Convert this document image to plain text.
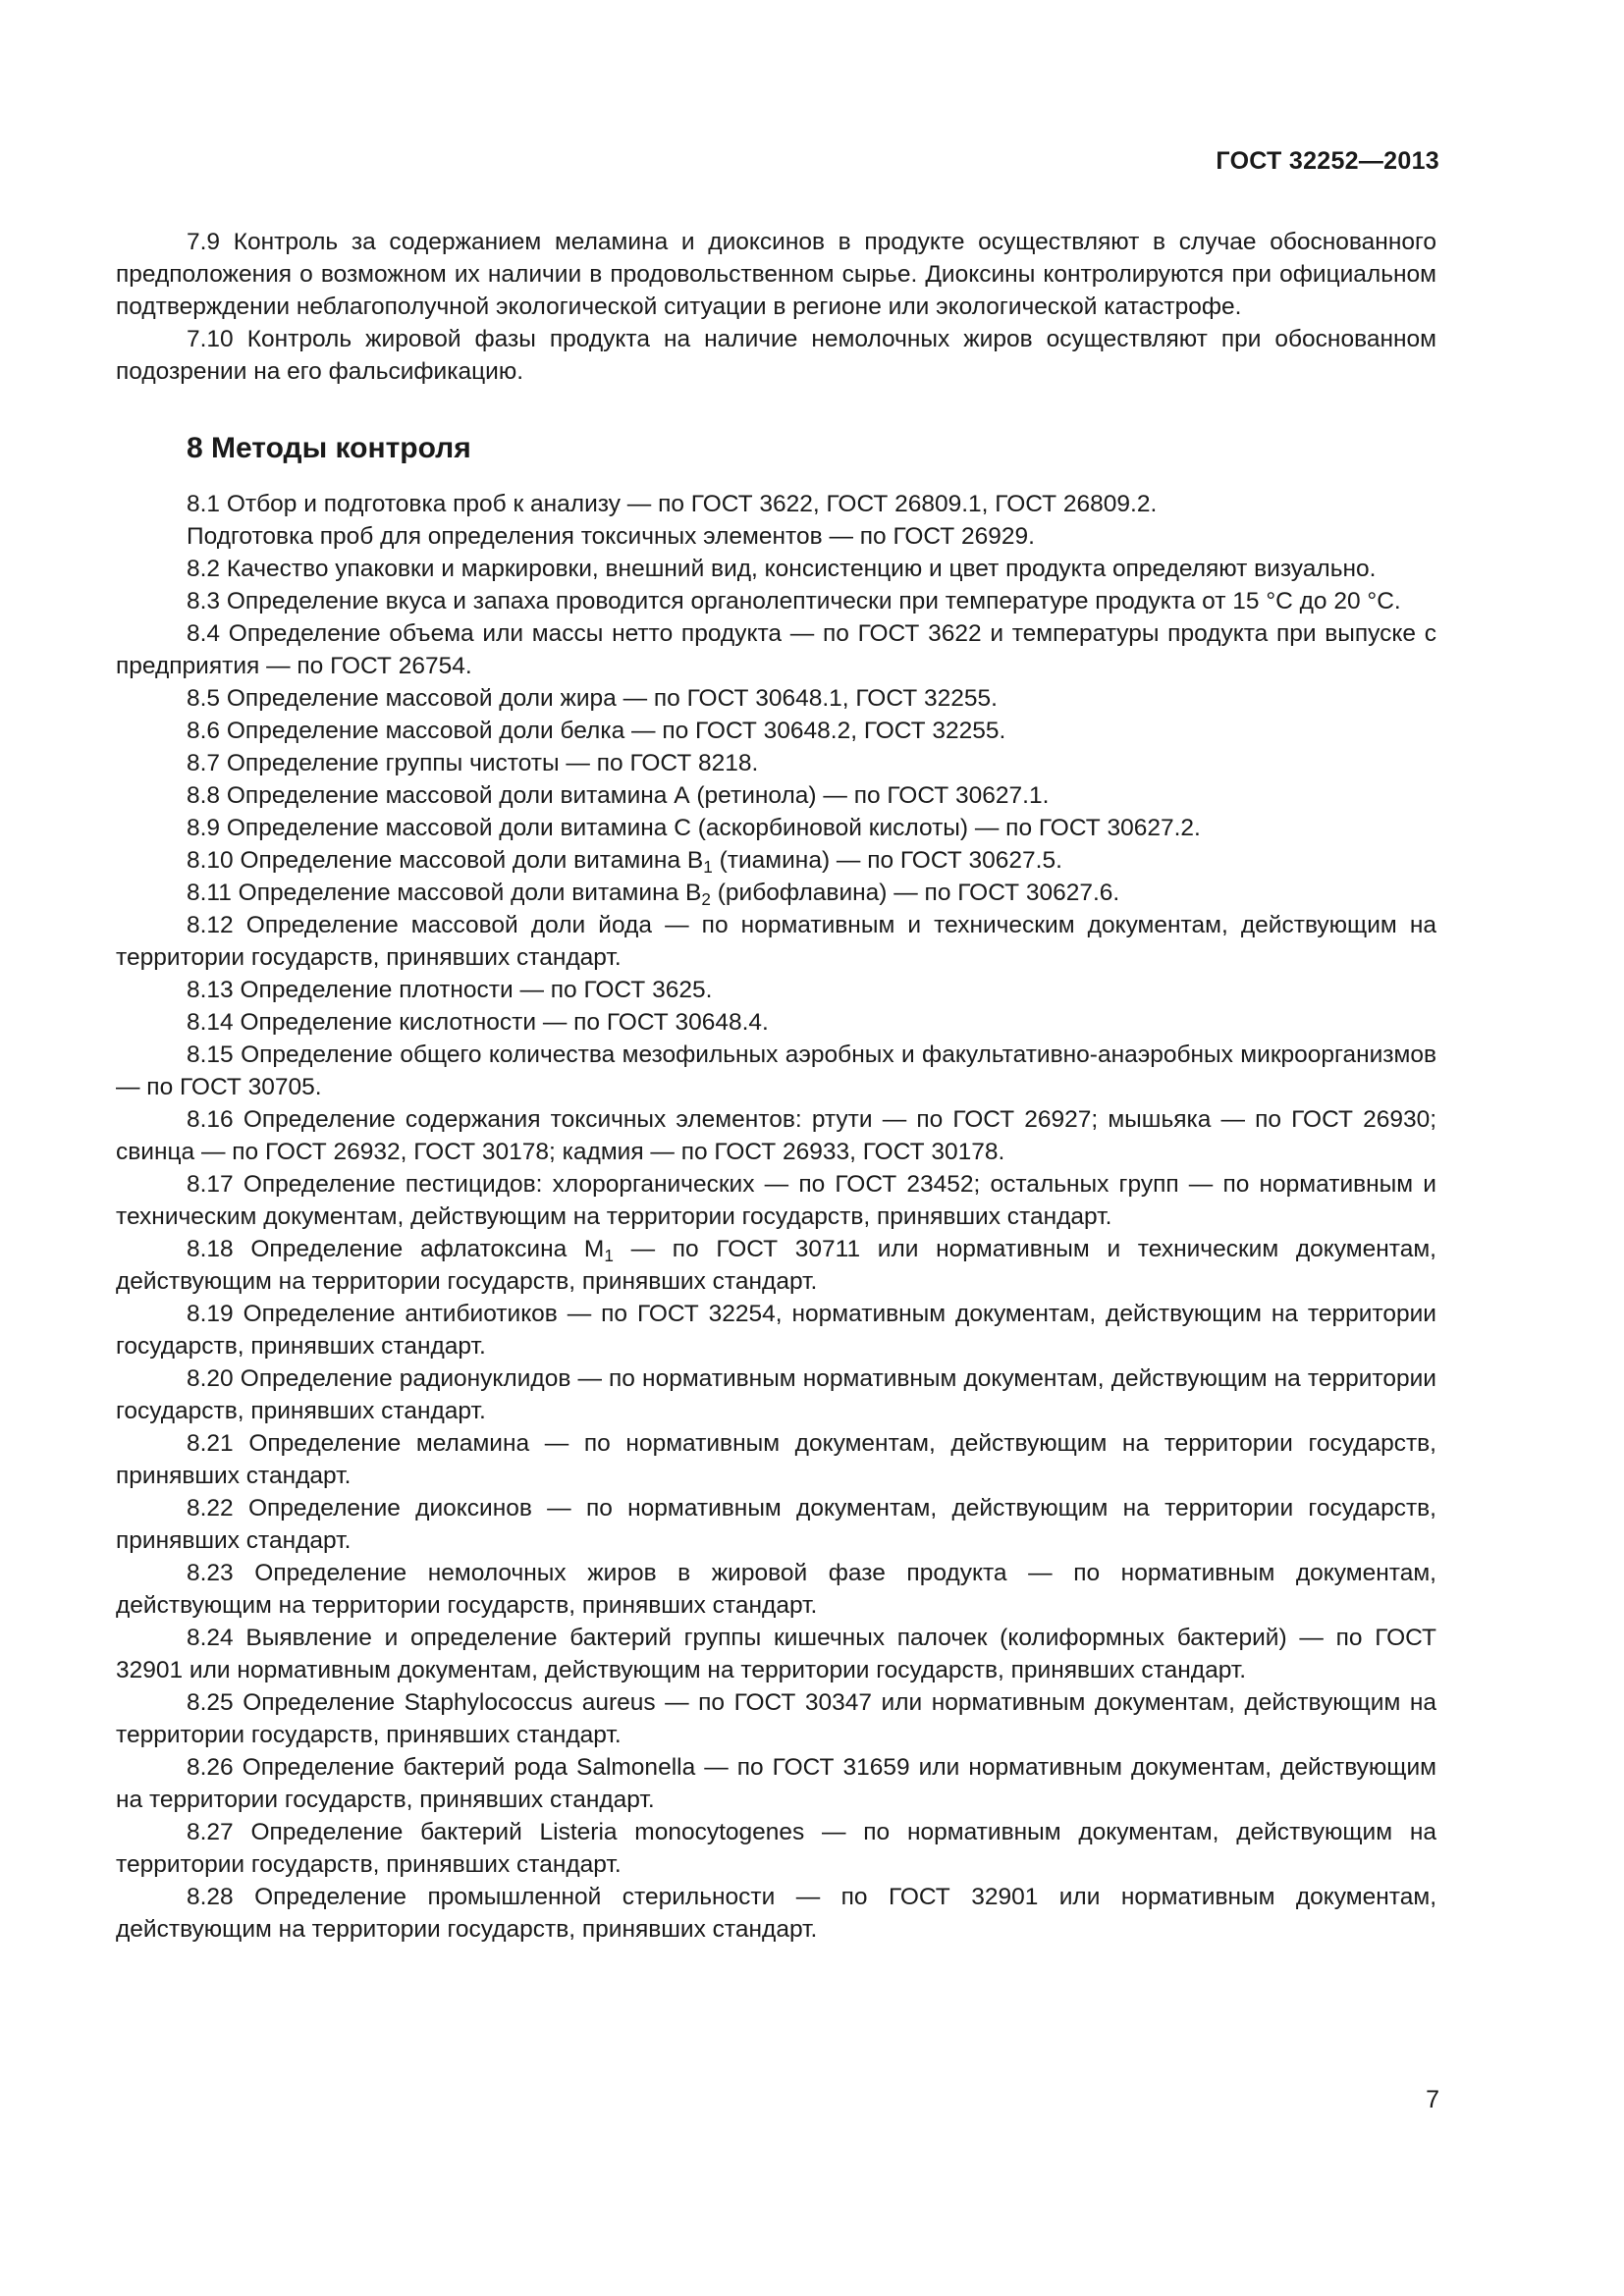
ГОСТ 32252—2013

7.9 Контроль за содержанием меламина и диоксинов в продукте осуществляют в случае обоснованного предположения о возможном их наличии в продовольственном сырье. Диоксины контролируются при официальном подтверждении неблагополучной экологической ситуации в регионе или экологической катастрофе.

7.10 Контроль жировой фазы продукта на наличие немолочных жиров осуществляют при обоснованном подозрении на его фальсификацию.

8 Методы контроля

8.1 Отбор и подготовка проб к анализу — по ГОСТ 3622, ГОСТ 26809.1, ГОСТ 26809.2.

Подготовка проб для определения токсичных элементов — по ГОСТ 26929.

8.2 Качество упаковки и маркировки, внешний вид, консистенцию и цвет продукта определяют визуально.

8.3 Определение вкуса и запаха проводится органолептически при температуре продукта от 15 °С до 20 °С.

8.4 Определение объема или массы нетто продукта — по ГОСТ 3622 и температуры продукта при выпуске с предприятия — по ГОСТ 26754.

8.5 Определение массовой доли жира — по ГОСТ 30648.1, ГОСТ 32255.

8.6 Определение массовой доли белка — по ГОСТ 30648.2, ГОСТ 32255.

8.7 Определение группы чистоты — по ГОСТ 8218.

8.8 Определение массовой доли витамина А (ретинола) — по ГОСТ 30627.1.

8.9 Определение массовой доли витамина С (аскорбиновой кислоты) — по ГОСТ 30627.2.

8.10 Определение массовой доли витамина $В_1$ (тиамина) — по ГОСТ 30627.5.

8.11 Определение массовой доли витамина $В_2$ (рибофлавина) — по ГОСТ 30627.6.

8.12 Определение массовой доли йода — по нормативным и техническим документам, действующим на территории государств, принявших стандарт.

8.13 Определение плотности — по ГОСТ 3625.

8.14 Определение кислотности — по ГОСТ 30648.4.

8.15 Определение общего количества мезофильных аэробных и факультативно-анаэробных микроорганизмов — по ГОСТ 30705.

8.16 Определение содержания токсичных элементов: ртути — по ГОСТ 26927; мышьяка — по ГОСТ 26930; свинца — по ГОСТ 26932, ГОСТ 30178; кадмия — по ГОСТ 26933, ГОСТ 30178.

8.17 Определение пестицидов: хлорорганических — по ГОСТ 23452; остальных групп — по нормативным и техническим документам, действующим на территории государств, принявших стандарт.

8.18 Определение афлатоксина $М_1$ — по ГОСТ 30711 или нормативным и техническим документам, действующим на территории государств, принявших стандарт.

8.19 Определение антибиотиков — по ГОСТ 32254, нормативным документам, действующим на территории государств, принявших стандарт.

8.20 Определение радионуклидов — по нормативным нормативным документам, действующим на территории государств, принявших стандарт.

8.21 Определение меламина — по нормативным документам, действующим на территории государств, принявших стандарт.

8.22 Определение диоксинов — по нормативным документам, действующим на территории государств, принявших стандарт.

8.23 Определение немолочных жиров в жировой фазе продукта — по нормативным документам, действующим на территории государств, принявших стандарт.

8.24 Выявление и определение бактерий группы кишечных палочек (колиформных бактерий) — по ГОСТ 32901 или нормативным документам, действующим на территории государств, принявших стандарт.

8.25 Определение Staphylococcus aureus — по ГОСТ 30347 или нормативным документам, действующим на территории государств, принявших стандарт.

8.26 Определение бактерий рода Salmonella — по ГОСТ 31659 или нормативным документам, действующим на территории государств, принявших стандарт.

8.27 Определение бактерий Listeria monocytogenes — по нормативным документам, действующим на территории государств, принявших стандарт.

8.28 Определение промышленной стерильности — по ГОСТ 32901 или нормативным документам, действующим на территории государств, принявших стандарт.

7
